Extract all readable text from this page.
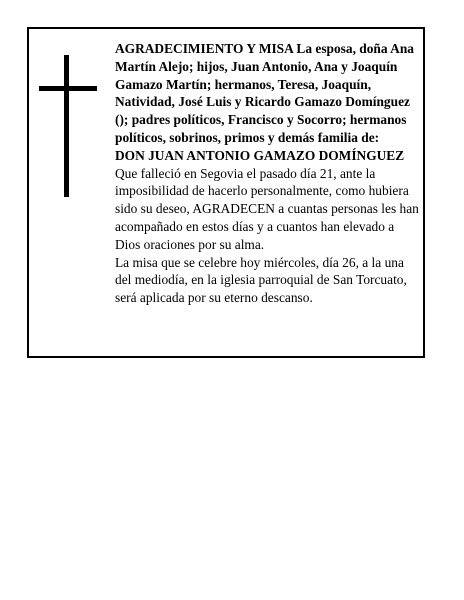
AGRADECIMIENTO Y MISA La esposa, doña Ana Martín Alejo; hijos, Juan Antonio, Ana y Joaquín Gamazo Martín; hermanos, Teresa, Joaquín, Natividad, José Luis y Ricardo Gamazo Domínguez (); padres políticos, Francisco y Socorro; hermanos políticos, sobrinos, primos y demás familia de:

DON JUAN ANTONIO GAMAZO DOMÍNGUEZ

Que falleció en Segovia el pasado día 21, ante la imposibilidad de hacerlo personalmente, como hubiera sido su deseo, AGRADECEN a cuantas personas les han acompañado en estos días y a cuantos han elevado a Dios oraciones por su alma.

La misa que se celebre hoy miércoles, día 26, a la una del mediodía, en la iglesia parroquial de San Torcuato, será aplicada por su eterno descanso.
